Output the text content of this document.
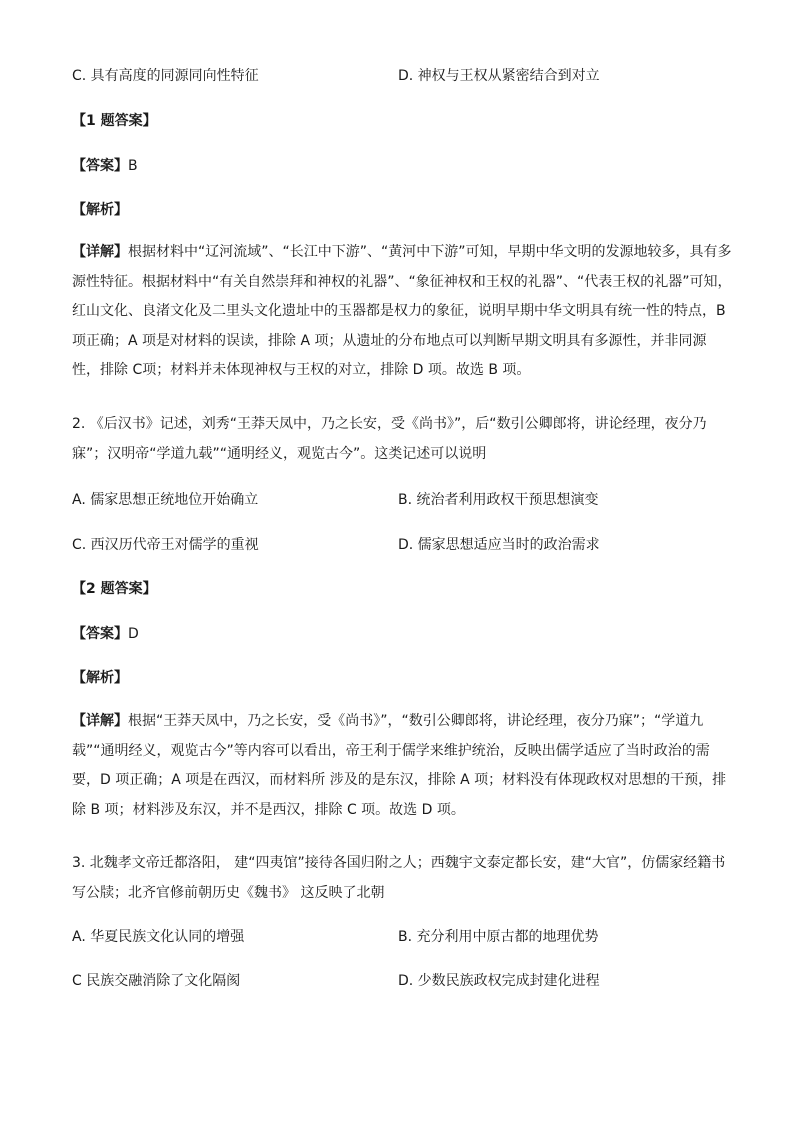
C. 具有高度的同源同向性特征	D. 神权与王权从紧密结合到对立
【1 题答案】
【答案】B
【解析】
【详解】根据材料中“辽河流域”、“长江中下游”、“黄河中下游”可知，早期中华文明的发源地较多，具有多源性特征。根据材料中“有关自然崇拜和神权的礼器”、“象征神权和王权的礼器”、“代表王权的礼器”可知，红山文化、良渚文化及二里头文化遗址中的玉器都是权力的象征，说明早期中华文明具有统一性的特点，B 项正确；A 项是对材料的误读，排除 A 项；从遗址的分布地点可以判断早期文明具有多源性，并非同源性，排除 C项；材料并未体现神权与王权的对立，排除 D 项。故选 B 项。
2. 《后汉书》记述，刘秀“王莽天凤中，乃之长安，受《尚书》”，后“数引公卿郎将，讲论经理，夜分乃寐”；汉明帝“学道九载”“通明经义，观览古今”。这类记述可以说明
A. 儒家思想正统地位开始确立	B. 统治者利用政权干预思想演变
C. 西汉历代帝王对儒学的重视	D. 儒家思想适应当时的政治需求
【2 题答案】
【答案】D
【解析】
【详解】根据“王莽天凤中，乃之长安，受《尚书》”，“数引公卿郎将，讲论经理，夜分乃寐”；“学道九载”“通明经义，观览古今”等内容可以看出，帝王利于儒学来维护统治，反映出儒学适应了当时政治的需要，D 项正确；A 项是在西汉，而材料所 涉及的是东汉，排除 A 项；材料没有体现政权对思想的干预，排除 B 项；材料涉及东汉，并不是西汉，排除 C 项。故选 D 项。
3. 北魏孝文帝迁都洛阳， 建“四夷馆”接待各国归附之人；西魏宇文泰定都长安，建“大官”，仿儒家经籍书写公牍；北齐官修前朝历史《魏书》 这反映了北朝
A. 华夏民族文化认同的增强	B. 充分利用中原古都的地理优势
C 民族交融消除了文化隔阂	D. 少数民族政权完成封建化进程
